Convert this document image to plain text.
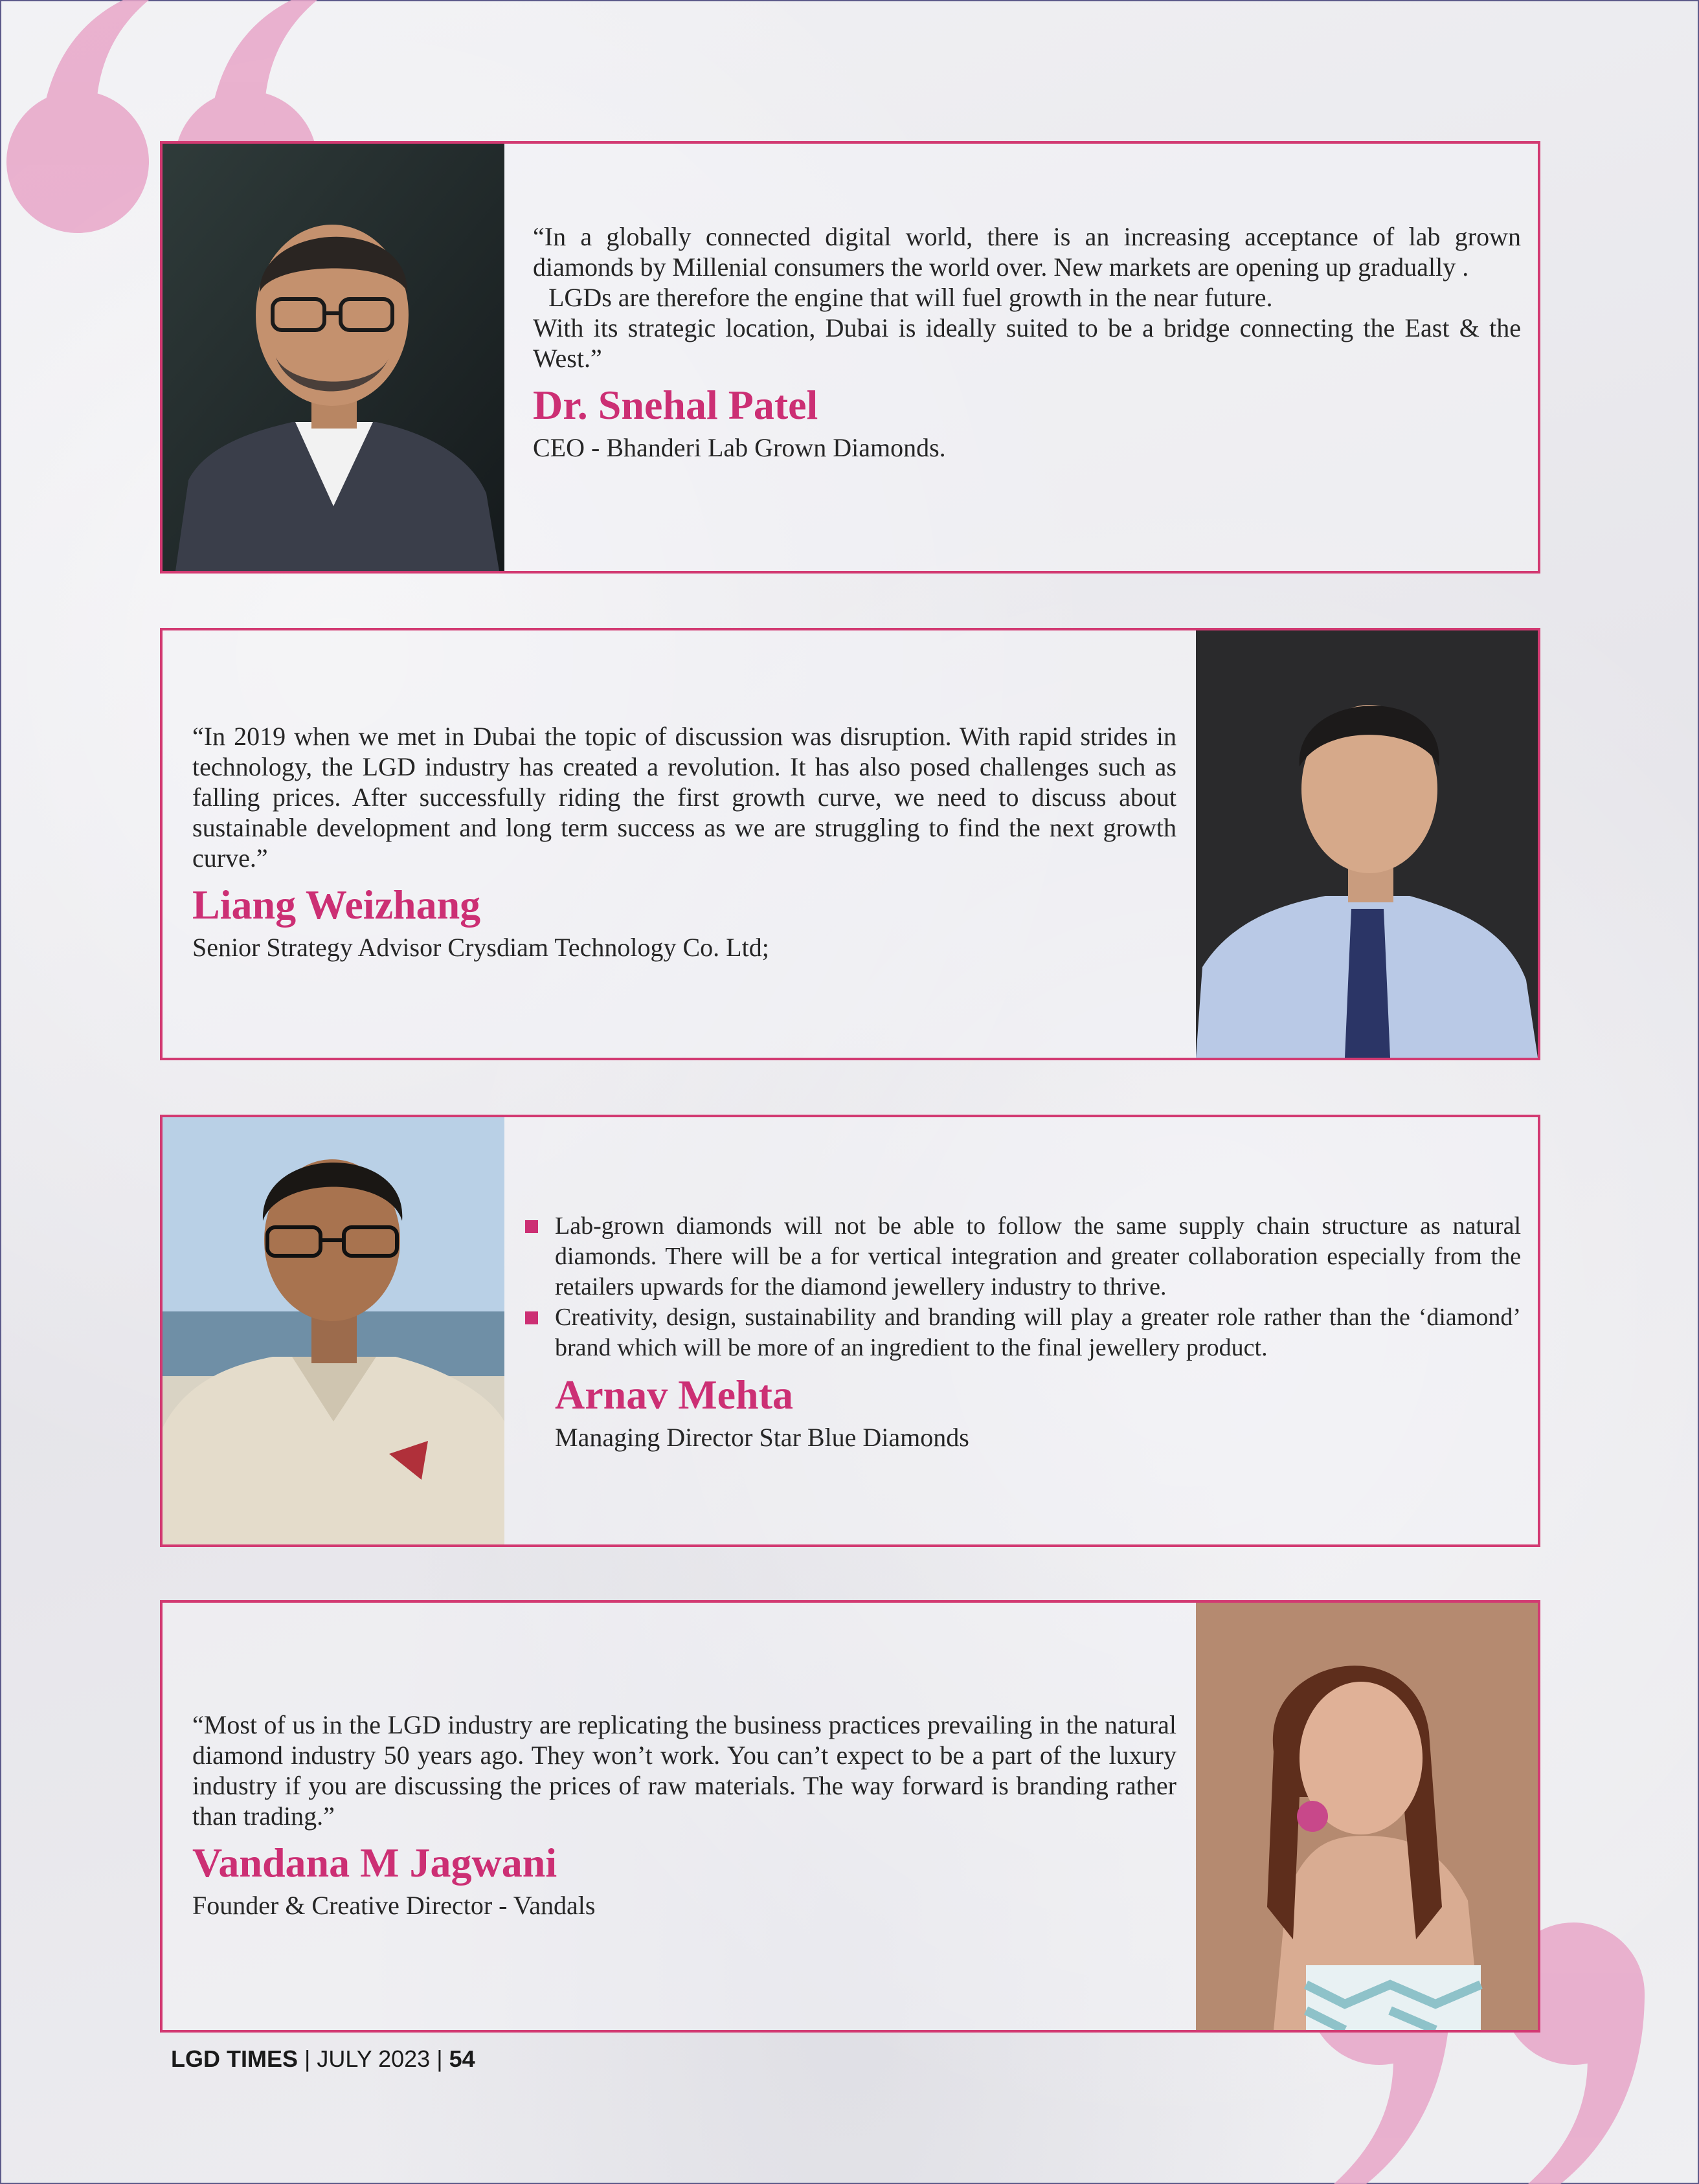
“In a globally connected digital world, there is an increasing acceptance of lab grown diamonds by Millenial consumers the world over. New markets are opening up gradually .

LGDs are therefore the engine that will fuel growth in the near future.

With its strategic location, Dubai is ideally suited to be a bridge connecting the East & the West.”

Dr. Snehal Patel
CEO - Bhanderi Lab Grown Diamonds.

“In 2019 when we met in Dubai the topic of discussion was disruption. With rapid strides in technology, the LGD industry has created a revolution. It has also posed challenges such as falling prices. After successfully riding the first growth curve, we need to discuss about sustainable development and long term success as we are struggling to find the next growth curve.”

Liang Weizhang
Senior Strategy Advisor Crysdiam Technology Co. Ltd;
Lab-grown diamonds will not be able to follow the same supply chain structure as natural diamonds. There will be a for vertical integration and greater collaboration especially from the retailers upwards for the diamond jewellery industry to thrive.
Creativity, design, sustainability and branding will play a greater role rather than the ‘diamond’ brand which will be more of an ingredient to the final jewellery product.
Arnav Mehta
Managing Director Star Blue Diamonds

“Most of us in the LGD industry are replicating the business practices prevailing in the natural diamond industry 50 years ago. They won’t work. You can’t expect to be a part of the luxury industry if you are discussing the prices of raw materials. The way forward is branding rather than trading.”

Vandana M Jagwani
Founder & Creative Director - Vandals
LGD TIMES | JULY 2023 | 54
